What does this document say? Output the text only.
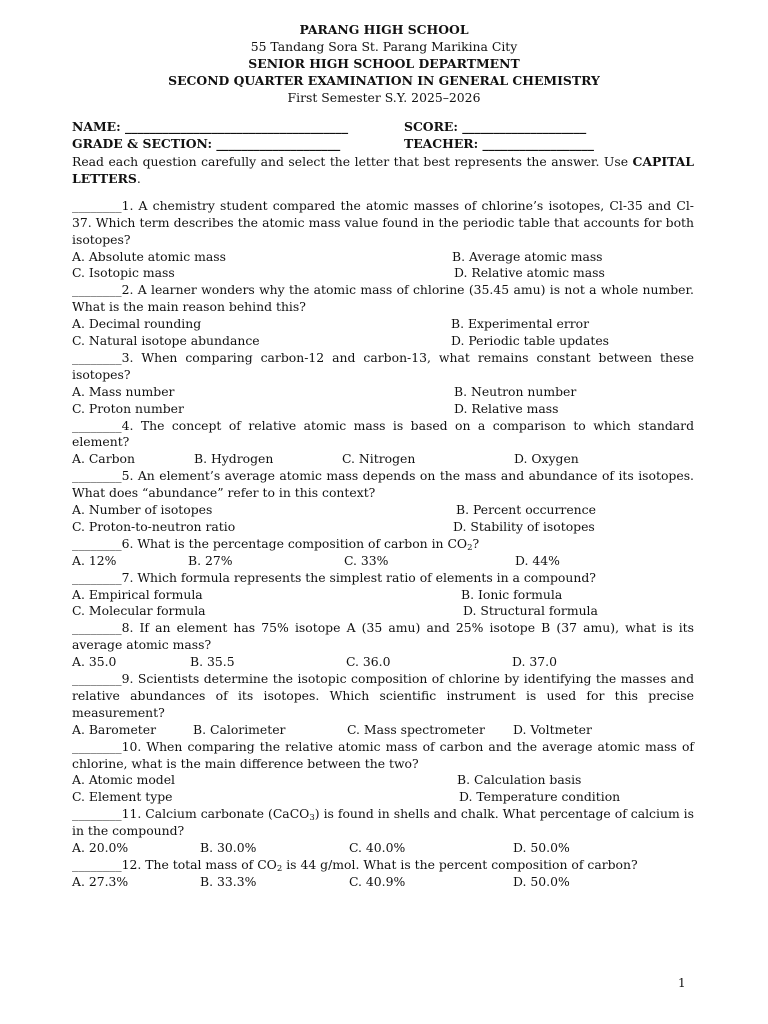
PARANG HIGH SCHOOL
55 Tandang Sora St. Parang Marikina City
SENIOR HIGH SCHOOL DEPARTMENT
SECOND QUARTER EXAMINATION IN GENERAL CHEMISTRY
First Semester S.Y. 2025–2026
NAME: ____________________________________	SCORE: ____________________
GRADE & SECTION: ____________________	TEACHER: __________________
Read each question carefully and select the letter that best represents the answer. Use CAPITAL LETTERS.
________1. A chemistry student compared the atomic masses of chlorine’s isotopes, Cl-35 and Cl-37. Which term describes the atomic mass value found in the periodic table that accounts for both isotopes?
A. Absolute atomic mass	B. Average atomic mass
C. Isotopic mass	D. Relative atomic mass
________2. A learner wonders why the atomic mass of chlorine (35.45 amu) is not a whole number. What is the main reason behind this?
A. Decimal rounding	B. Experimental error
C. Natural isotope abundance	D. Periodic table updates
________3. When comparing carbon-12 and carbon-13, what remains constant between these isotopes?
A. Mass number	B. Neutron number
C. Proton number	D. Relative mass
________4. The concept of relative atomic mass is based on a comparison to which standard element?
A. Carbon	B. Hydrogen	C. Nitrogen	D. Oxygen
________5. An element’s average atomic mass depends on the mass and abundance of its isotopes. What does “abundance” refer to in this context?
A. Number of isotopes	B. Percent occurrence
C. Proton-to-neutron ratio	D. Stability of isotopes
________6. What is the percentage composition of carbon in $CO_2$?
A. 12%	B. 27%	C. 33%	D. 44%
________7. Which formula represents the simplest ratio of elements in a compound?
A. Empirical formula	B. Ionic formula
C. Molecular formula	D. Structural formula
________8. If an element has 75% isotope A (35 amu) and 25% isotope B (37 amu), what is its average atomic mass?
A. 35.0	B. 35.5	C. 36.0	D. 37.0
________9. Scientists determine the isotopic composition of chlorine by identifying the masses and relative abundances of its isotopes. Which scientific instrument is used for this precise measurement?
A. Barometer	B. Calorimeter	C. Mass spectrometer D. Voltmeter
________10. When comparing the relative atomic mass of carbon and the average atomic mass of chlorine, what is the main difference between the two?
A. Atomic model	B. Calculation basis
C. Element type	D. Temperature condition
________11. Calcium carbonate (CaCO$_3$) is found in shells and chalk. What percentage of calcium is in the compound?
A. 20.0%	B. 30.0%	C. 40.0%	D. 50.0%
________12. The total mass of $CO_2$ is 44 g/mol. What is the percent composition of carbon?
A. 27.3%	B. 33.3%	C. 40.9%	D. 50.0%
1
